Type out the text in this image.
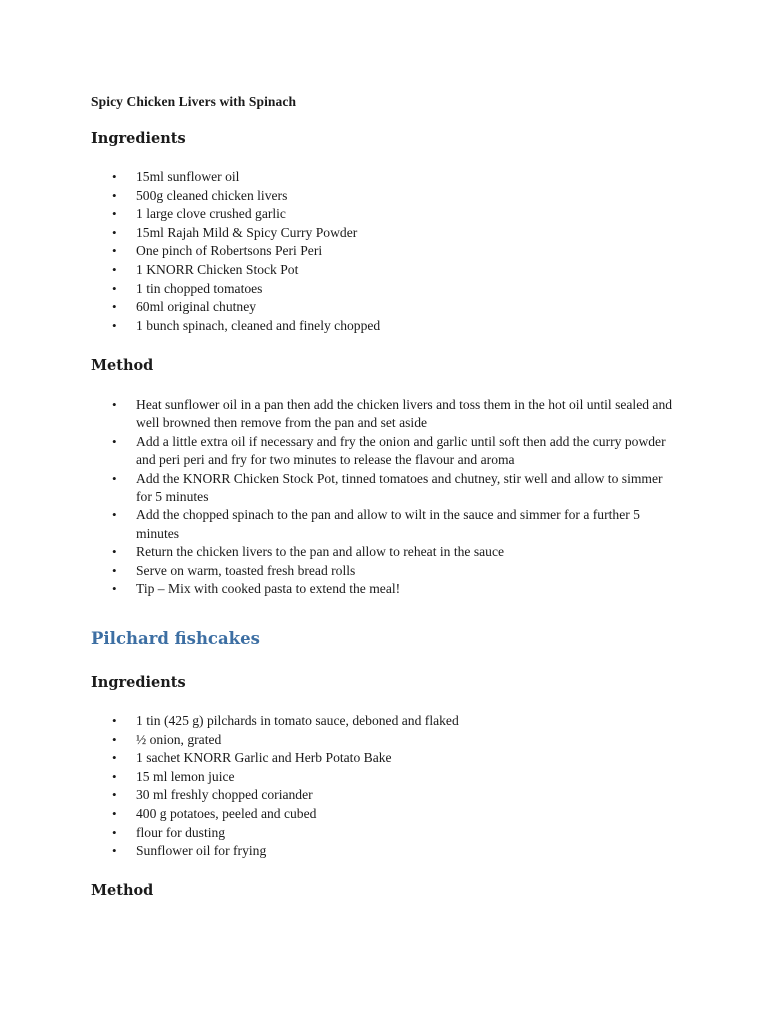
Spicy Chicken Livers with Spinach
Ingredients
• 15ml sunflower oil
• 500g cleaned chicken livers
• 1 large clove crushed garlic
• 15ml Rajah Mild & Spicy Curry Powder
• One pinch of Robertsons Peri Peri
• 1 KNORR Chicken Stock Pot
• 1 tin chopped tomatoes
• 60ml original chutney
• 1 bunch spinach, cleaned and finely chopped
Method
• Heat sunflower oil in a pan then add the chicken livers and toss them in the hot oil until sealed and well browned then remove from the pan and set aside
• Add a little extra oil if necessary and fry the onion and garlic until soft then add the curry powder and peri peri and fry for two minutes to release the flavour and aroma
• Add the KNORR Chicken Stock Pot, tinned tomatoes and chutney, stir well and allow to simmer for 5 minutes
• Add the chopped spinach to the pan and allow to wilt in the sauce and simmer for a further 5 minutes
• Return the chicken livers to the pan and allow to reheat in the sauce
• Serve on warm, toasted fresh bread rolls
• Tip – Mix with cooked pasta to extend the meal!
Pilchard fishcakes
Ingredients
• 1 tin (425 g) pilchards in tomato sauce, deboned and flaked
• ½ onion, grated
• 1 sachet KNORR Garlic and Herb Potato Bake
• 15 ml lemon juice
• 30 ml freshly chopped coriander
• 400 g potatoes, peeled and cubed
• flour for dusting
• Sunflower oil for frying
Method
